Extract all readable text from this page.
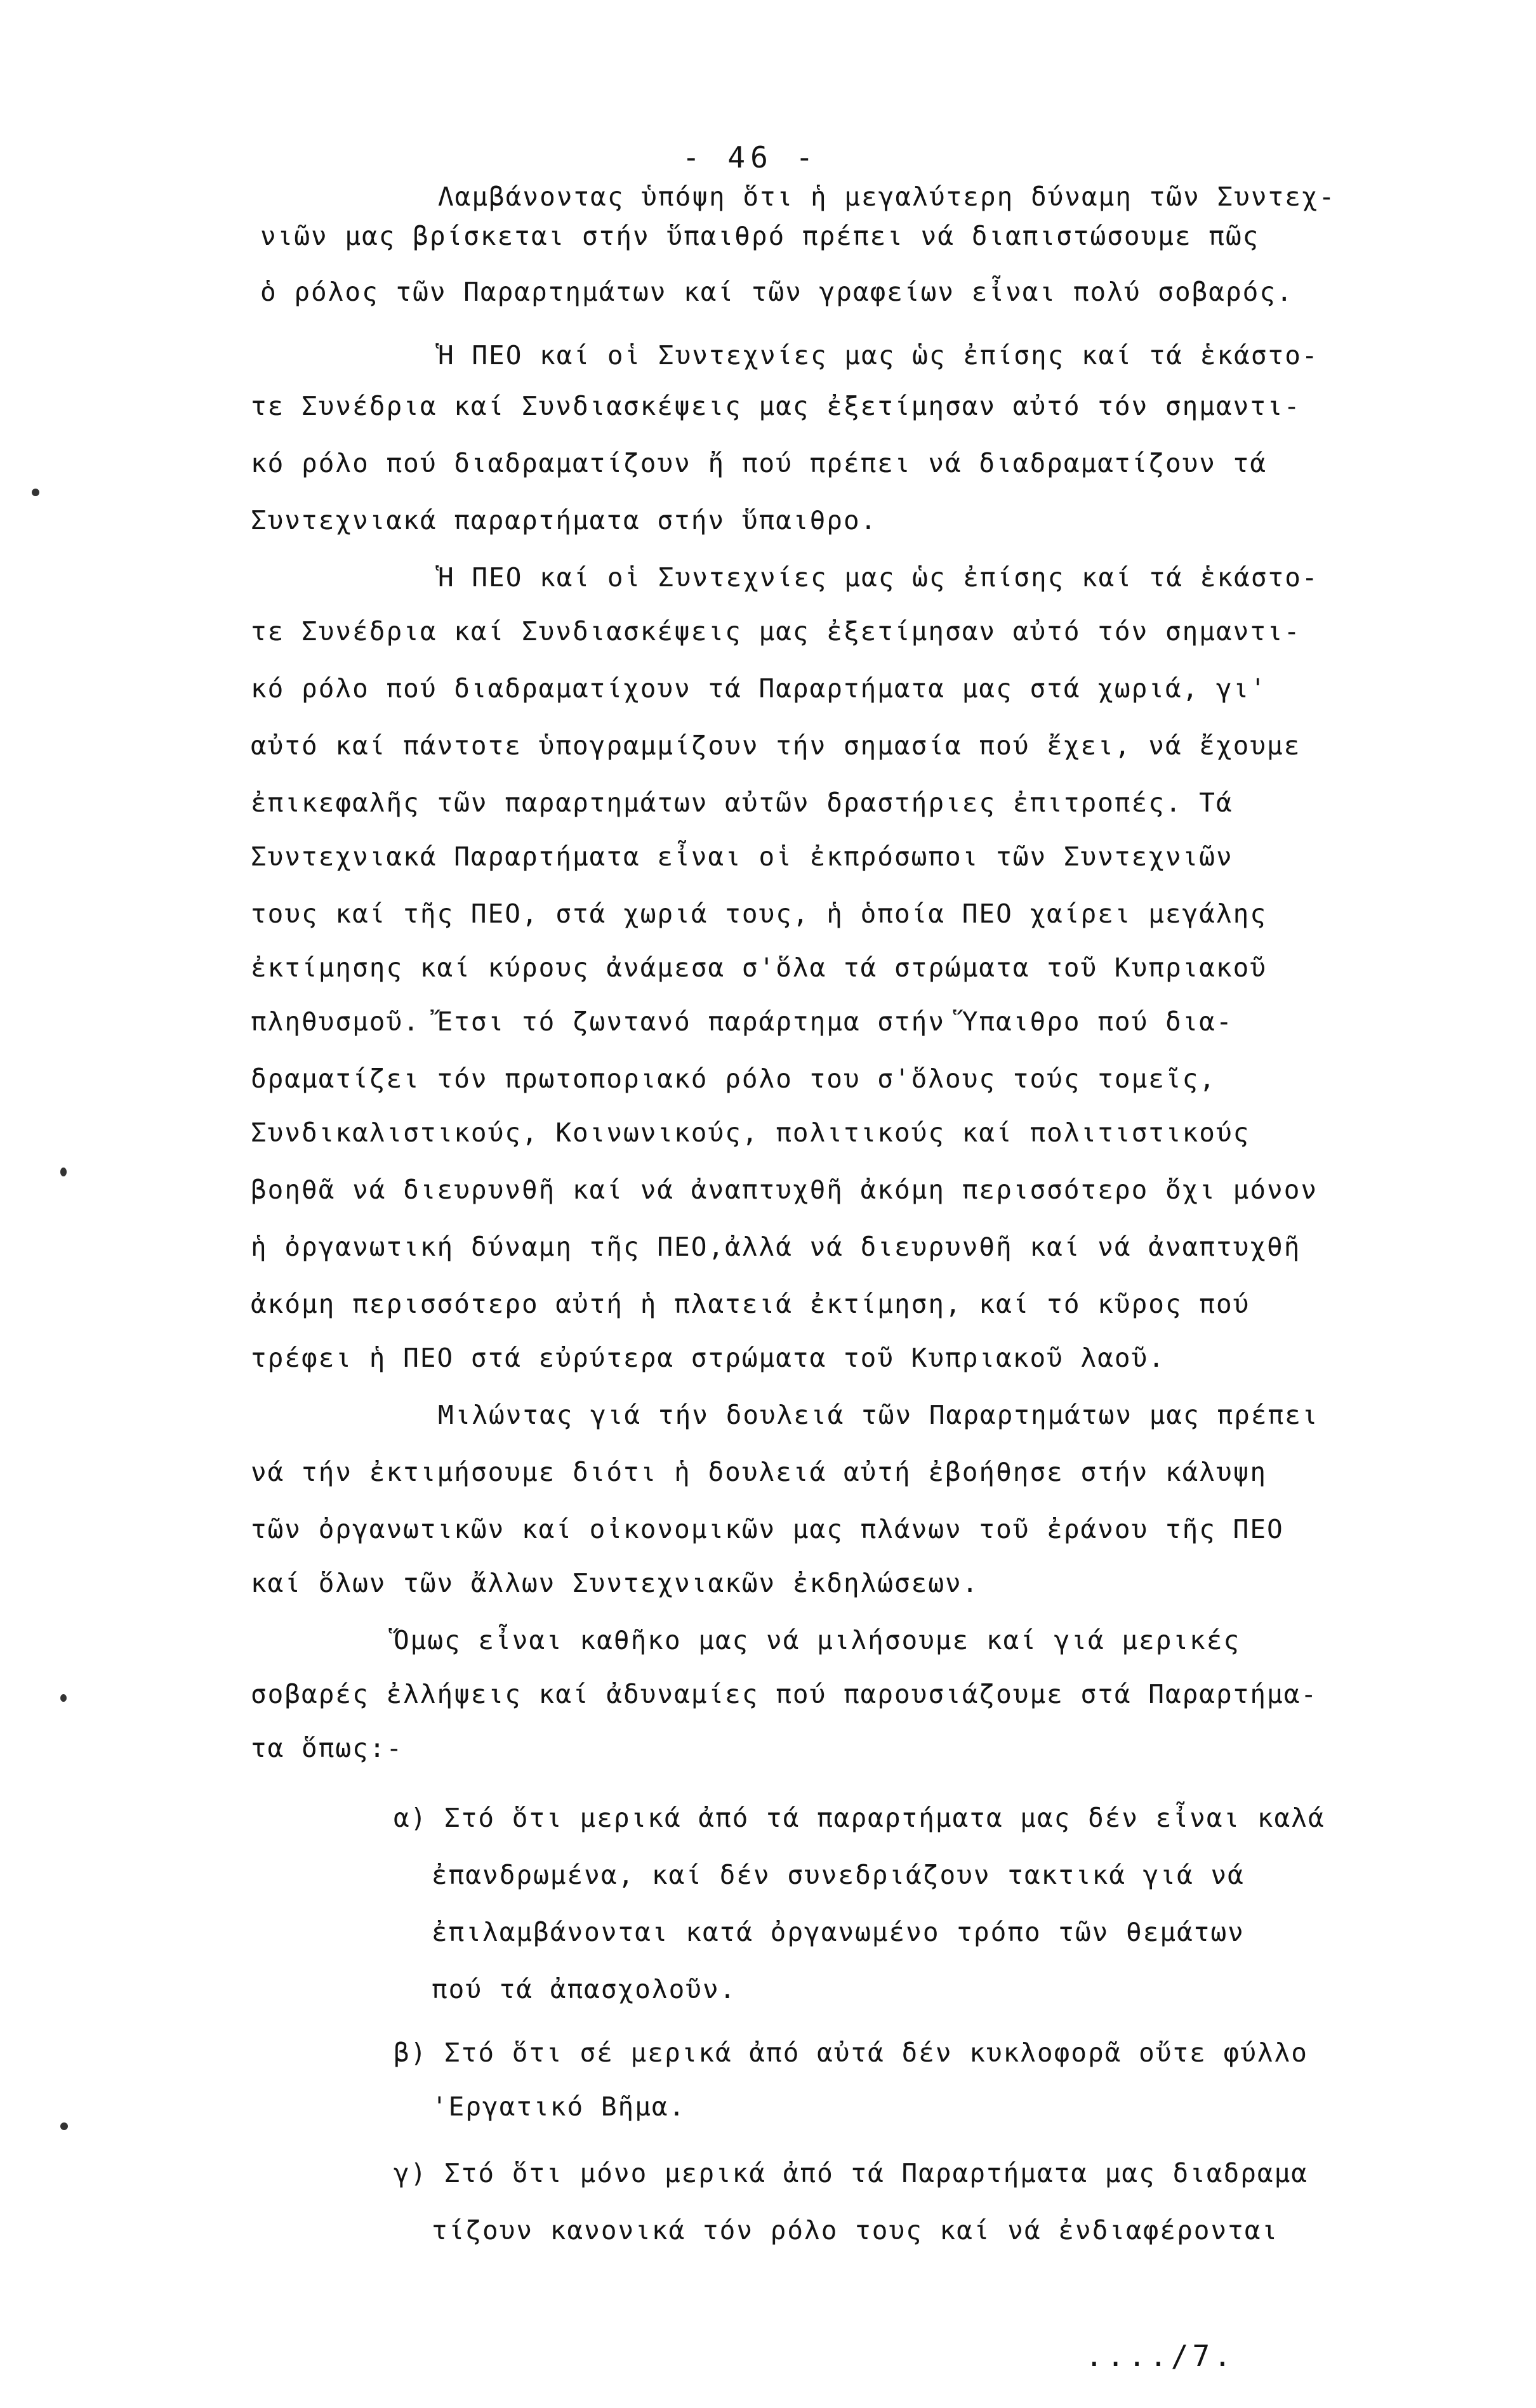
- 46 -
Λαμβάνοντας ὑπόψη ὅτι ἡ μεγαλύτερη δύναμη τῶν Συντεχ-
νιῶν μας βρίσκεται στήν ὕπαιθρό πρέπει νά διαπιστώσουμε πῶς
ὁ ρόλος τῶν Παραρτημάτων καί τῶν γραφείων εἶναι πολύ σοβαρός.
Ἡ ΠΕΟ καί οἱ Συντεχνίες μας ὡς ἐπίσης καί τά ἑκάστο-
τε Συνέδρια καί Συνδιασκέψεις μας ἐξετίμησαν αὐτό τόν σημαντι-
κό ρόλο πού διαδραματίζουν ἤ πού πρέπει νά διαδραματίζουν τά
Συντεχνιακά παραρτήματα στήν ὕπαιθρο.
Ἡ ΠΕΟ καί οἱ Συντεχνίες μας ὡς ἐπίσης καί τά ἑκάστο-
τε Συνέδρια καί Συνδιασκέψεις μας ἐξετίμησαν αὐτό τόν σημαντι-
κό ρόλο πού διαδραματίχουν τά Παραρτήματα μας στά χωριά, γι'
αὐτό καί πάντοτε ὑπογραμμίζουν τήν σημασία πού ἔχει, νά ἔχουμε
ἐπικεφαλῆς τῶν παραρτημάτων αὐτῶν δραστήριες ἐπιτροπές. Τά
Συντεχνιακά Παραρτήματα εἶναι οἱ ἐκπρόσωποι τῶν Συντεχνιῶν
τους καί τῆς ΠΕΟ, στά χωριά τους, ἡ ὁποία ΠΕΟ χαίρει μεγάλης
ἐκτίμησης καί κύρους ἀνάμεσα σ'ὅλα τά στρώματα τοῦ Κυπριακοῦ
πληθυσμοῦ. Ἔτσι τό ζωντανό παράρτημα στήν Ὕπαιθρο πού δια-
δραματίζει τόν πρωτοποριακό ρόλο του σ'ὅλους τούς τομεῖς,
Συνδικαλιστικούς, Κοινωνικούς, πολιτικούς καί πολιτιστικούς
βοηθᾶ νά διευρυνθῆ καί νά ἀναπτυχθῆ ἀκόμη περισσότερο ὄχι μόνον
ἡ ὀργανωτική δύναμη τῆς ΠΕΟ,ἀλλά νά διευρυνθῆ καί νά ἀναπτυχθῆ
ἀκόμη περισσότερο αὐτή ἡ πλατειά ἐκτίμηση, καί τό κῦρος πού
τρέφει ἡ ΠΕΟ στά εὐρύτερα στρώματα τοῦ Κυπριακοῦ λαοῦ.
Μιλώντας γιά τήν δουλειά τῶν Παραρτημάτων μας πρέπει
νά τήν ἐκτιμήσουμε διότι ἡ δουλειά αὐτή ἐβοήθησε στήν κάλυψη
τῶν ὀργανωτικῶν καί οἰκονομικῶν μας πλάνων τοῦ ἐράνου τῆς ΠΕΟ
καί ὅλων τῶν ἄλλων Συντεχνιακῶν ἐκδηλώσεων.
Ὅμως εἶναι καθῆκο μας νά μιλήσουμε καί γιά μερικές
σοβαρές ἐλλήψεις καί ἀδυναμίες πού παρουσιάζουμε στά Παραρτήμα-
τα ὅπως:-
α) Στό ὅτι μερικά ἀπό τά παραρτήματα μας δέν εἶναι καλά
ἐπανδρωμένα, καί δέν συνεδριάζουν τακτικά γιά νά
ἐπιλαμβάνονται κατά ὀργανωμένο τρόπο τῶν θεμάτων
πού τά ἀπασχολοῦν.
β) Στό ὅτι σέ μερικά ἀπό αὐτά δέν κυκλοφορᾶ οὔτε φύλλο
'Εργατικό Βῆμα.
γ) Στό ὅτι μόνο μερικά ἀπό τά Παραρτήματα μας διαδραμα
τίζουν κανονικά τόν ρόλο τους καί νά ἐνδιαφέρονται
..../7.
